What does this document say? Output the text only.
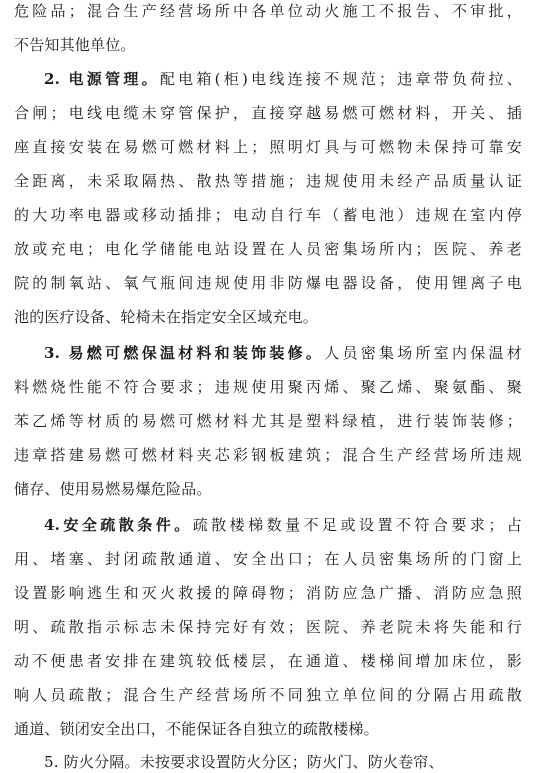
危险品；混合生产经营场所中各单位动火施工不报告、不审批，
不告知其他单位。
2. 电源管理。配电箱(柜)电线连接不规范；违章带负荷拉、
合闸；电线电缆未穿管保护，直接穿越易燃可燃材料，开关、插
座直接安装在易燃可燃材料上；照明灯具与可燃物未保持可靠安
全距离，未采取隔热、散热等措施；违规使用未经产品质量认证
的大功率电器或移动插排；电动自行车（蓄电池）违规在室内停
放或充电；电化学储能电站设置在人员密集场所内；医院、养老
院的制氧站、氧气瓶间违规使用非防爆电器设备，使用锂离子电
池的医疗设备、轮椅未在指定安全区域充电。
3. 易燃可燃保温材料和装饰装修。人员密集场所室内保温材
料燃烧性能不符合要求；违规使用聚丙烯、聚乙烯、聚氨酯、聚
苯乙烯等材质的易燃可燃材料尤其是塑料绿植，进行装饰装修；
违章搭建易燃可燃材料夹芯彩钢板建筑；混合生产经营场所违规
储存、使用易燃易爆危险品。
4.安全疏散条件。疏散楼梯数量不足或设置不符合要求；占
用、堵塞、封闭疏散通道、安全出口；在人员密集场所的门窗上
设置影响逃生和灭火救援的障碍物；消防应急广播、消防应急照
明、疏散指示标志未保持完好有效；医院、养老院未将失能和行
动不便患者安排在建筑较低楼层，在通道、楼梯间增加床位，影
响人员疏散；混合生产经营场所不同独立单位间的分隔占用疏散
通道、锁闭安全出口，不能保证各自独立的疏散楼梯。
5. 防火分隔。未按要求设置防火分区；防火门、防火卷帘、
